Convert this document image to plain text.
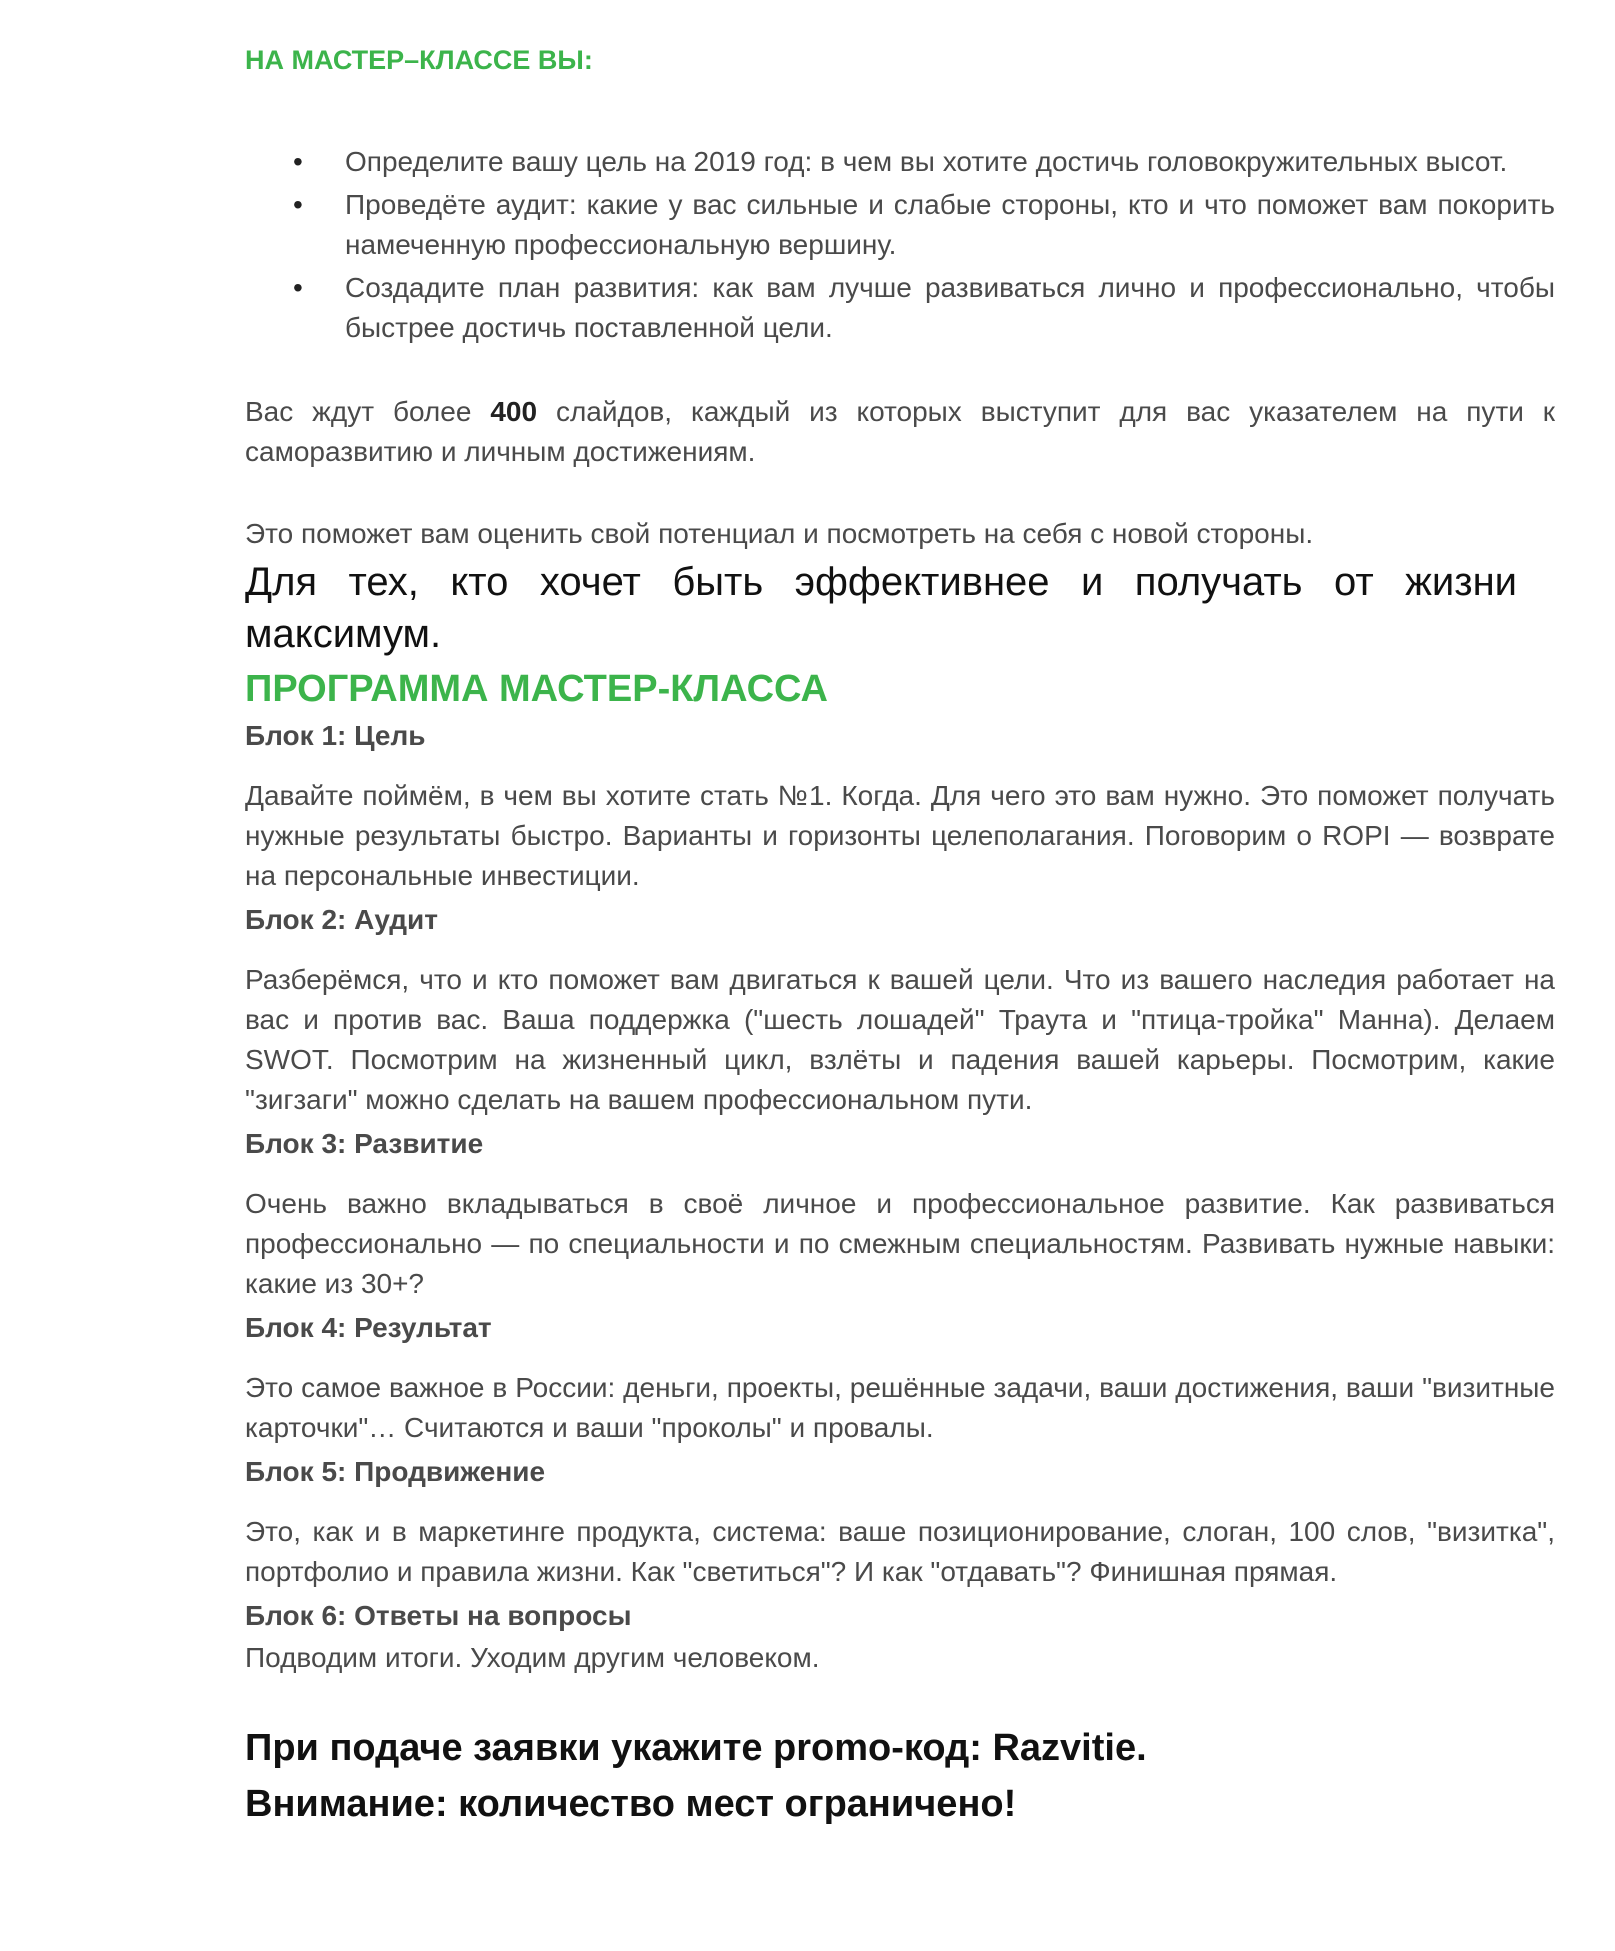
НА МАСТЕР–КЛАССЕ ВЫ:
• Определите вашу цель на 2019 год: в чем вы хотите достичь головокружительных высот.
• Проведёте аудит: какие у вас сильные и слабые стороны, кто и что поможет вам покорить намеченную профессиональную вершину.
• Создадите план развития: как вам лучше развиваться лично и профессионально, чтобы быстрее достичь поставленной цели.

Вас ждут более 400 слайдов, каждый из которых выступит для вас указателем на пути к саморазвитию и личным достижениям.

Это поможет вам оценить свой потенциал и посмотреть на себя с новой стороны.

Для тех, кто хочет быть эффективнее и получать от жизни максимум.

ПРОГРАММА МАСТЕР-КЛАССА
Блок 1: Цель

Давайте поймём, в чем вы хотите стать №1. Когда. Для чего это вам нужно. Это поможет получать нужные результаты быстро. Варианты и горизонты целеполагания. Поговорим о ROPI — возврате на персональные инвестиции.

Блок 2: Аудит

Разберёмся, что и кто поможет вам двигаться к вашей цели. Что из вашего наследия работает на вас и против вас. Ваша поддержка ("шесть лошадей" Траута и "птица-тройка" Манна). Делаем SWOT. Посмотрим на жизненный цикл, взлёты и падения вашей карьеры. Посмотрим, какие "зигзаги" можно сделать на вашем профессиональном пути.

Блок 3: Развитие

Очень важно вкладываться в своё личное и профессиональное развитие. Как развиваться профессионально — по специальности и по смежным специальностям. Развивать нужные навыки: какие из 30+?

Блок 4: Результат

Это самое важное в России: деньги, проекты, решённые задачи, ваши достижения, ваши "визитные карточки"… Считаются и ваши "проколы" и провалы.

Блок 5: Продвижение

Это, как и в маркетинге продукта, система: ваше позиционирование, слоган, 100 слов, "визитка", портфолио и правила жизни. Как "светиться"? И как "отдавать"? Финишная прямая.

Блок 6: Ответы на вопросы

Подводим итоги. Уходим другим человеком.

При подаче заявки укажите promo-код: Razvitie.

Внимание: количество мест ограничено!
